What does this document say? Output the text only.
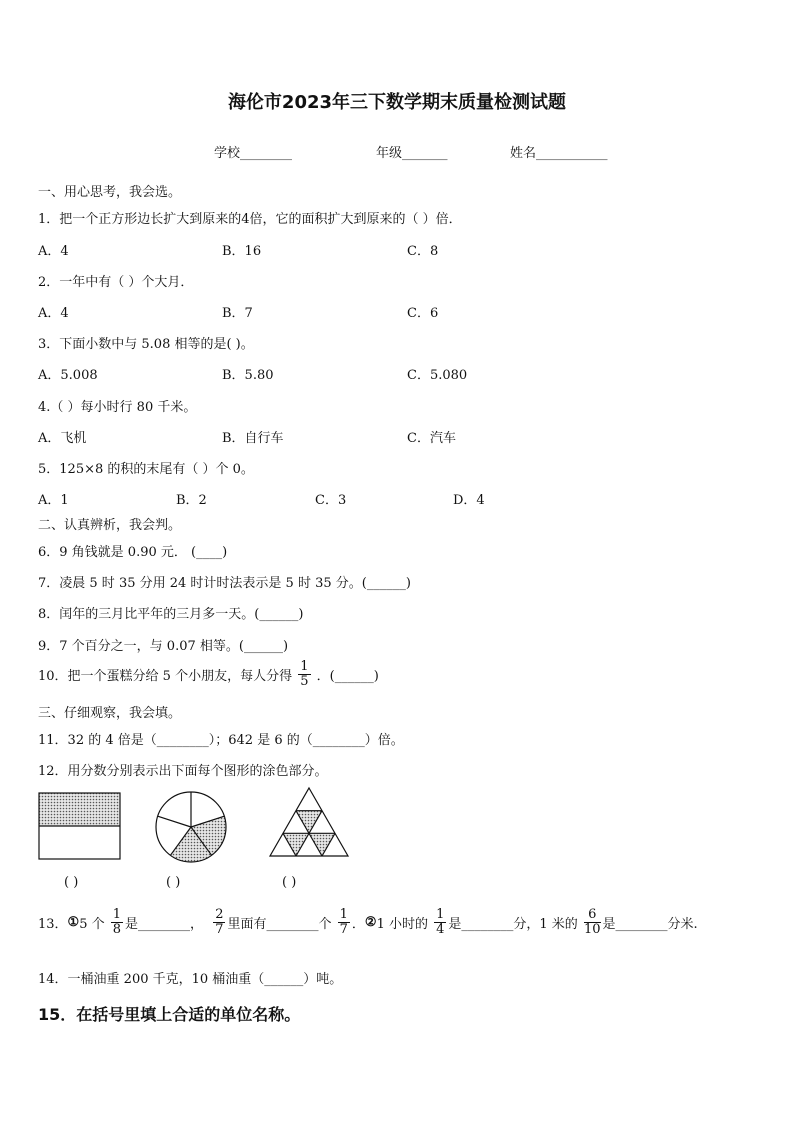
海伦市2023年三下数学期末质量检测试题
学校________	年级_______	姓名___________
一、用心思考，我会选。
1．把一个正方形边长扩大到原来的4倍，它的面积扩大到原来的（ ）倍．
A．4	B．16	C．8
2．一年中有（ ）个大月．
A．4	B．7	C．6
3．下面小数中与 5.08 相等的是( )。
A．5.008	B．5.80	C．5.080
4.（ ）每小时行 80 千米。
A．飞机	B．自行车	C．汽车
5．125×8 的积的末尾有（ ）个 0。
A．1	B．2	C．3	D．4
二、认真辨析，我会判。
6．9 角钱就是 0.90 元． (____)
7．凌晨 5 时 35 分用 24 时计时法表示是 5 时 35 分。(______)
8．闰年的三月比平年的三月多一天。(______)
9．7 个百分之一，与 0.07 相等。(______)
10．把一个蛋糕分给 5 个小朋友，每人分得 $\frac{1}{5}$ ．(______)
三、仔细观察，我会填。
11．32 的 4 倍是（________）；642 是 6 的（________）倍。
12．用分数分别表示出下面每个图形的涂色部分。
( )	( )	( )
13．①5 个 $\frac{1}{8}$ 是________， $\frac{2}{7}$ 里面有________个 $\frac{1}{7}$ ．②1 小时的 $\frac{1}{4}$ 是________分，1 米的 $\frac{6}{10}$ 是________分米.
14．一桶油重 200 千克，10 桶油重（______）吨。
15．在括号里填上合适的单位名称。
